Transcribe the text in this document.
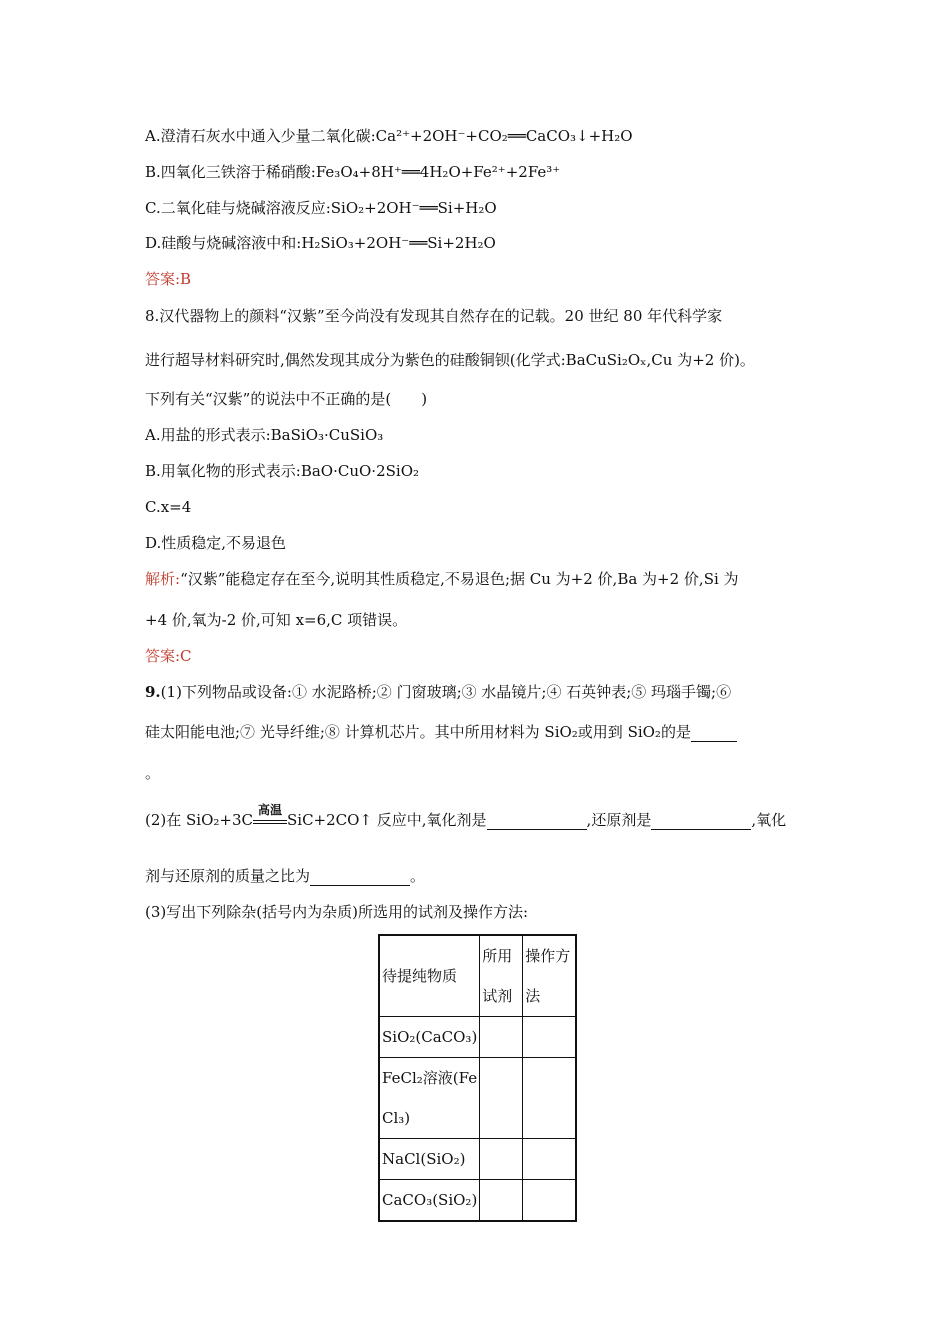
A.澄清石灰水中通入少量二氧化碳:Ca²⁺+2OH⁻+CO₂══CaCO₃↓+H₂O
B.四氧化三铁溶于稀硝酸:Fe₃O₄+8H⁺══4H₂O+Fe²⁺+2Fe³⁺
C.二氧化硅与烧碱溶液反应:SiO₂+2OH⁻══Si+H₂O
D.硅酸与烧碱溶液中和:H₂SiO₃+2OH⁻══Si+2H₂O
答案:B
8.汉代器物上的颜料“汉紫”至今尚没有发现其自然存在的记载。20 世纪 80 年代科学家
进行超导材料研究时,偶然发现其成分为紫色的硅酸铜钡(化学式:BaCuSi₂Oₓ,Cu 为+2 价)。
下列有关“汉紫”的说法中不正确的是(　　)
A.用盐的形式表示:BaSiO₃·CuSiO₃
B.用氧化物的形式表示:BaO·CuO·2SiO₂
C.x=4
D.性质稳定,不易退色
解析:“汉紫”能稳定存在至今,说明其性质稳定,不易退色;据 Cu 为+2 价,Ba 为+2 价,Si 为
+4 价,氧为-2 价,可知 x=6,C 项错误。
答案:C
9.(1)下列物品或设备:① 水泥路桥;② 门窗玻璃;③ 水晶镜片;④ 石英钟表;⑤ 玛瑙手镯;⑥
硅太阳能电池;⑦ 光导纤维;⑧ 计算机芯片。其中所用材料为 SiO₂或用到 SiO₂的是
。
(2)在 SiO₂+3C
高温
SiC+2CO↑ 反应中,氧化剂是	,还原剂是	,氧化
剂与还原剂的质量之比为	。
(3)写出下列除杂(括号内为杂质)所选用的试剂及操作方法:
待提纯物质	所用试剂	操作方法
SiO₂(CaCO₃)		
FeCl₂溶液(FeCl₃)		
NaCl(SiO₂)		
CaCO₃(SiO₂)		
